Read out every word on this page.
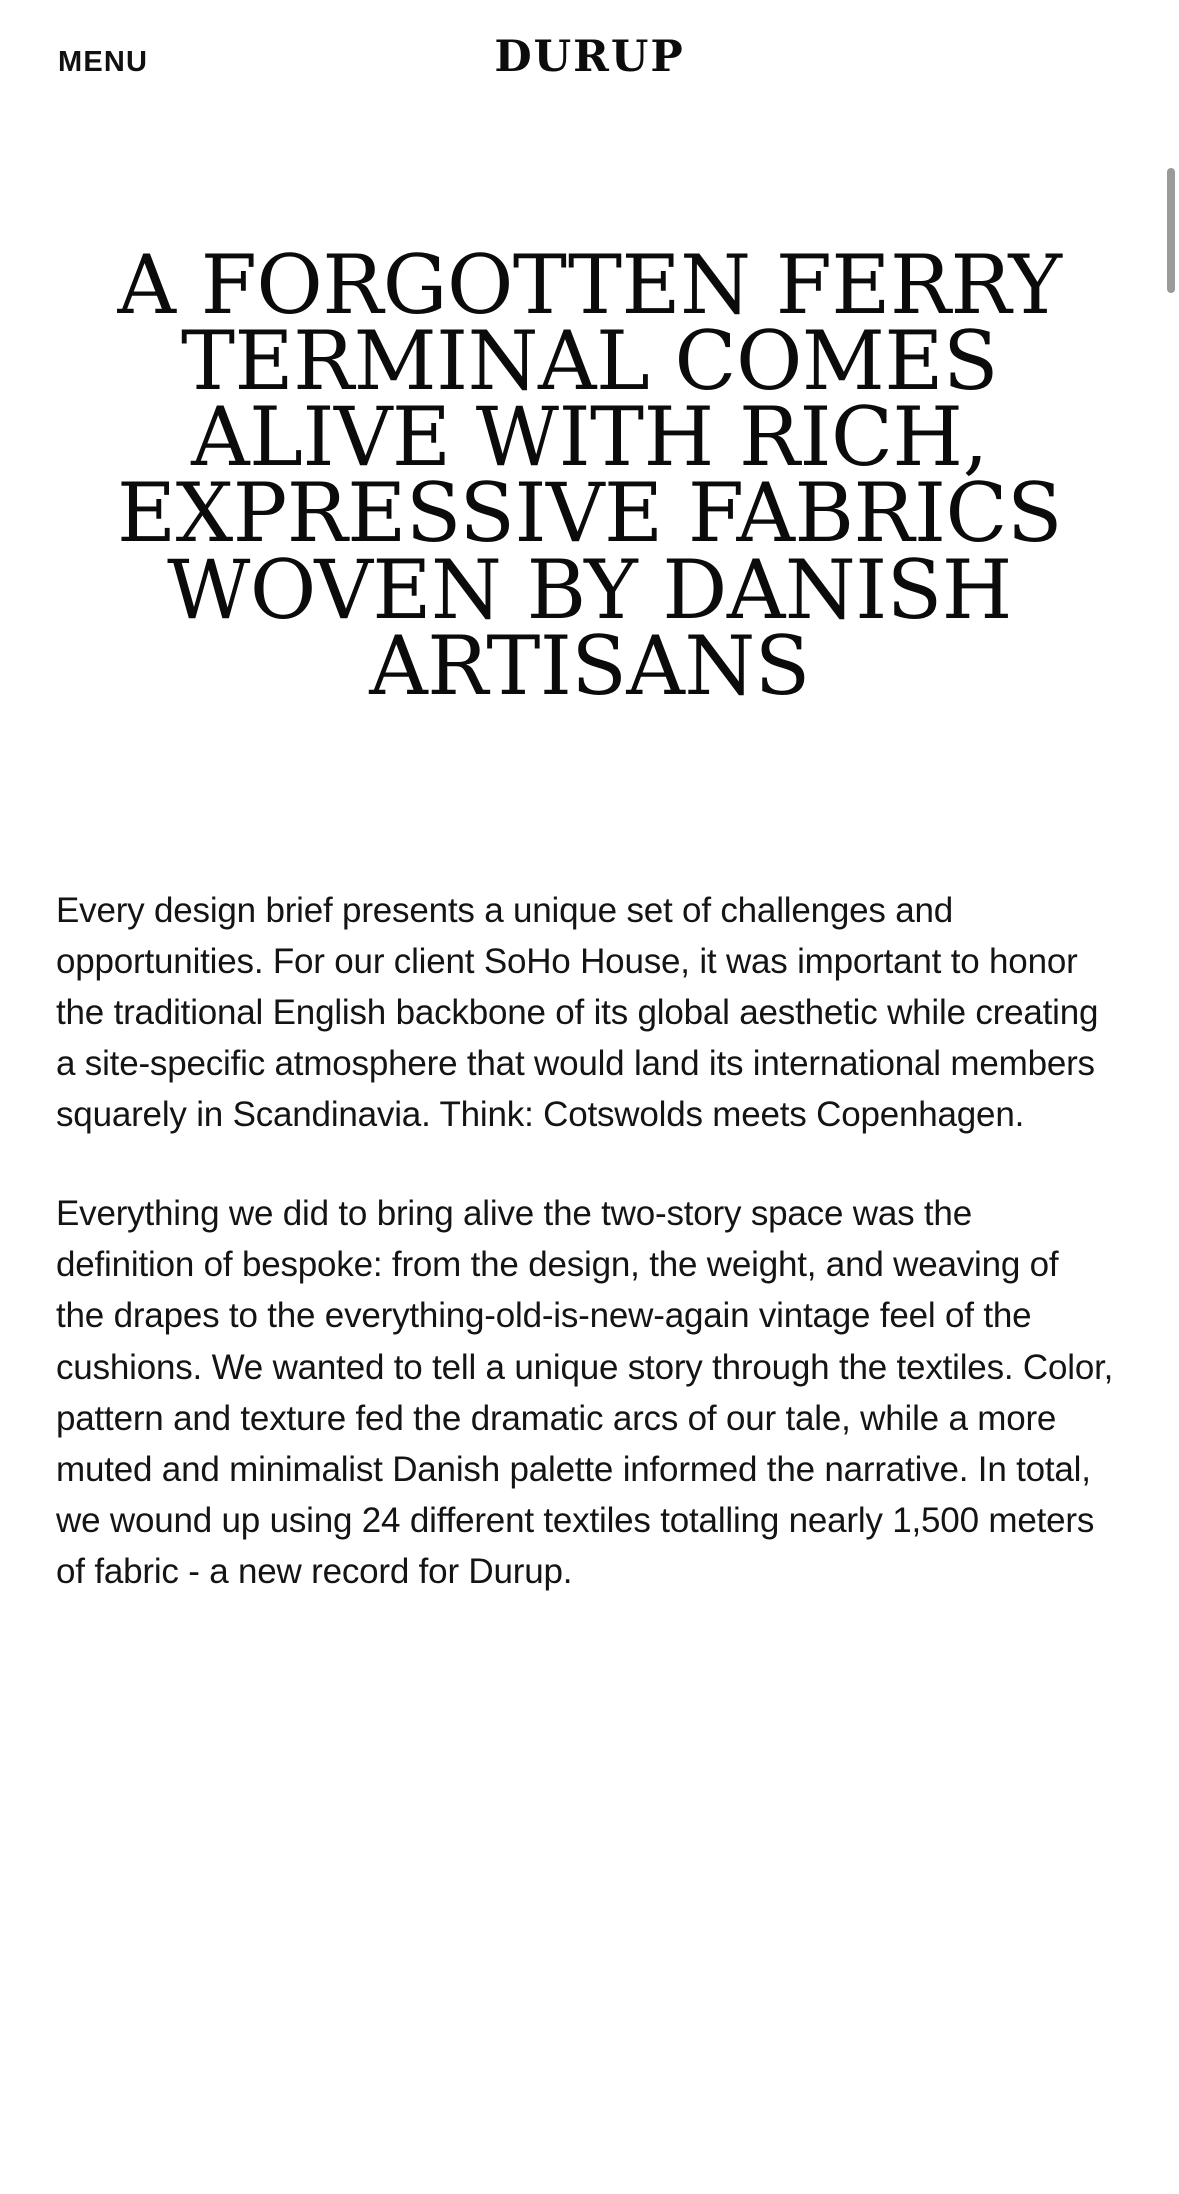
MENU	DURUP
A FORGOTTEN FERRY TERMINAL COMES ALIVE WITH RICH, EXPRESSIVE FABRICS WOVEN BY DANISH ARTISANS

Every design brief presents a unique set of challenges and opportunities. For our client SoHo House, it was important to honor the traditional English backbone of its global aesthetic while creating a site-specific atmosphere that would land its international members squarely in Scandinavia. Think: Cotswolds meets Copenhagen.

Everything we did to bring alive the two-story space was the definition of bespoke: from the design, the weight, and weaving of the drapes to the everything-old-is-new-again vintage feel of the cushions. We wanted to tell a unique story through the textiles. Color, pattern and texture fed the dramatic arcs of our tale, while a more muted and minimalist Danish palette informed the narrative. In total, we wound up using 24 different textiles totalling nearly 1,500 meters of fabric - a new record for Durup.
